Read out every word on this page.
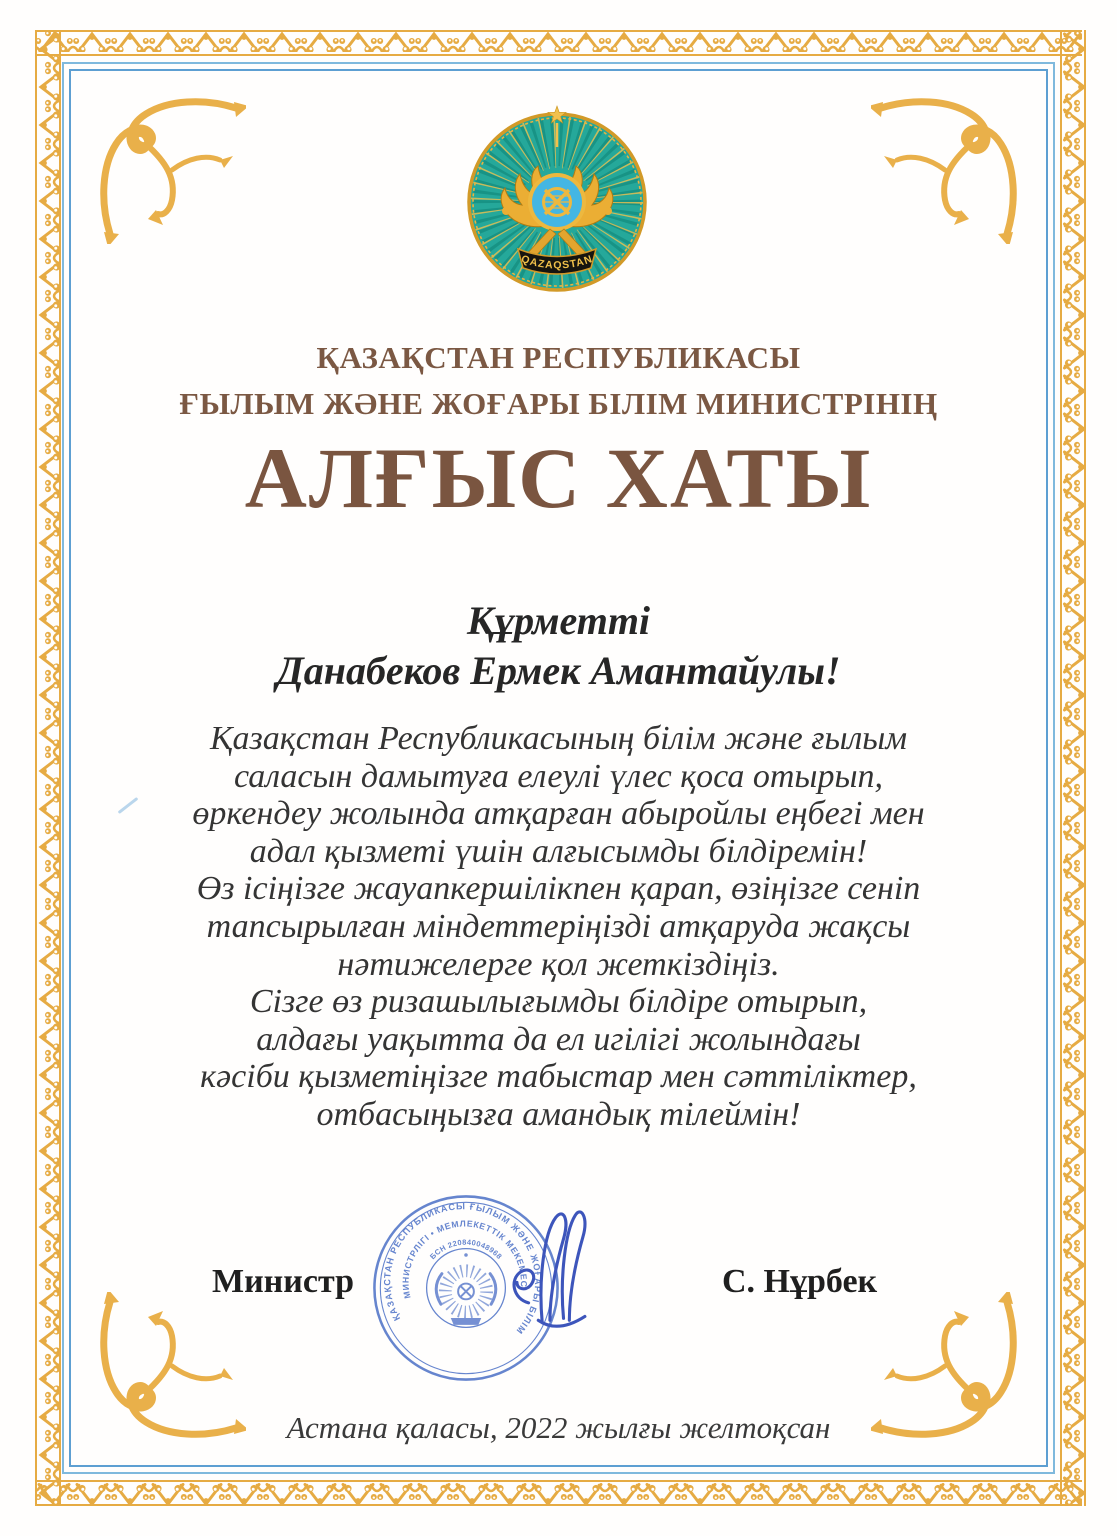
QAZAQSTAN
ҚАЗАҚСТАН РЕСПУБЛИКАСЫ
ҒЫЛЫМ ЖӘНЕ ЖОҒАРЫ БІЛІМ МИНИСТРІНІҢ
АЛҒЫС ХАТЫ
Құрметті
Данабеков Ермек Амантайулы!
Қазақстан Республикасының білім және ғылым
саласын дамытуға елеулі үлес қоса отырып,
өркендеу жолында атқарған абыройлы еңбегі мен
адал қызметі үшін алғысымды білдіремін!
Өз ісіңізге жауапкершілікпен қарап, өзіңізге сеніп
тапсырылған міндеттеріңізді атқаруда жақсы
нәтижелерге қол жеткіздіңіз.
Сізге өз ризашылығымды білдіре отырып,
алдағы уақытта да ел игілігі жолындағы
кәсіби қызметіңізге табыстар мен сәттіліктер,
отбасыңызға амандық тілеймін!
Министр
ҚАЗАҚСТАН РЕСПУБЛИКАСЫ ҒЫЛЫМ ЖӘНЕ ЖОҒАРЫ БІЛІМ
МИНИСТРЛІГІ • МЕМЛЕКЕТТІК МЕКЕМЕСІ
БСН 220840048968
С. Нұрбек
Астана қаласы, 2022 жылғы желтоқсан
